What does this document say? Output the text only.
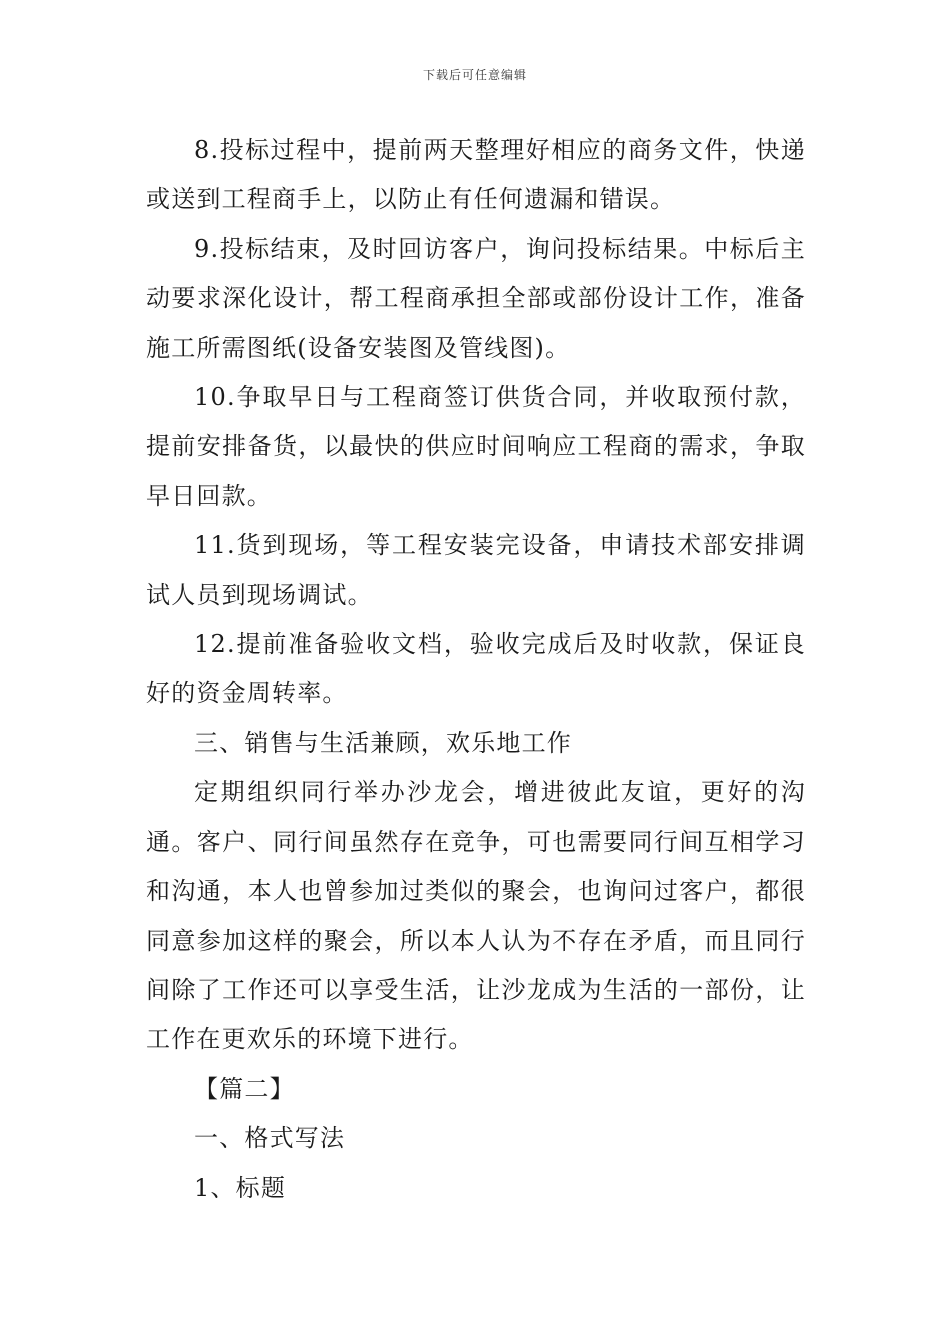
下载后可任意编辑

8.投标过程中，提前两天整理好相应的商务文件，快递或送到工程商手上，以防止有任何遗漏和错误。

9.投标结束，及时回访客户，询问投标结果。中标后主动要求深化设计，帮工程商承担全部或部份设计工作，准备施工所需图纸(设备安装图及管线图)。

10.争取早日与工程商签订供货合同，并收取预付款，提前安排备货，以最快的供应时间响应工程商的需求，争取早日回款。

11.货到现场，等工程安装完设备，申请技术部安排调试人员到现场调试。

12.提前准备验收文档，验收完成后及时收款，保证良好的资金周转率。

三、销售与生活兼顾，欢乐地工作

定期组织同行举办沙龙会，增进彼此友谊，更好的沟通。客户、同行间虽然存在竞争，可也需要同行间互相学习和沟通，本人也曾参加过类似的聚会，也询问过客户，都很同意参加这样的聚会，所以本人认为不存在矛盾，而且同行间除了工作还可以享受生活，让沙龙成为生活的一部份，让工作在更欢乐的环境下进行。

【篇二】

一、格式写法

1、标题
